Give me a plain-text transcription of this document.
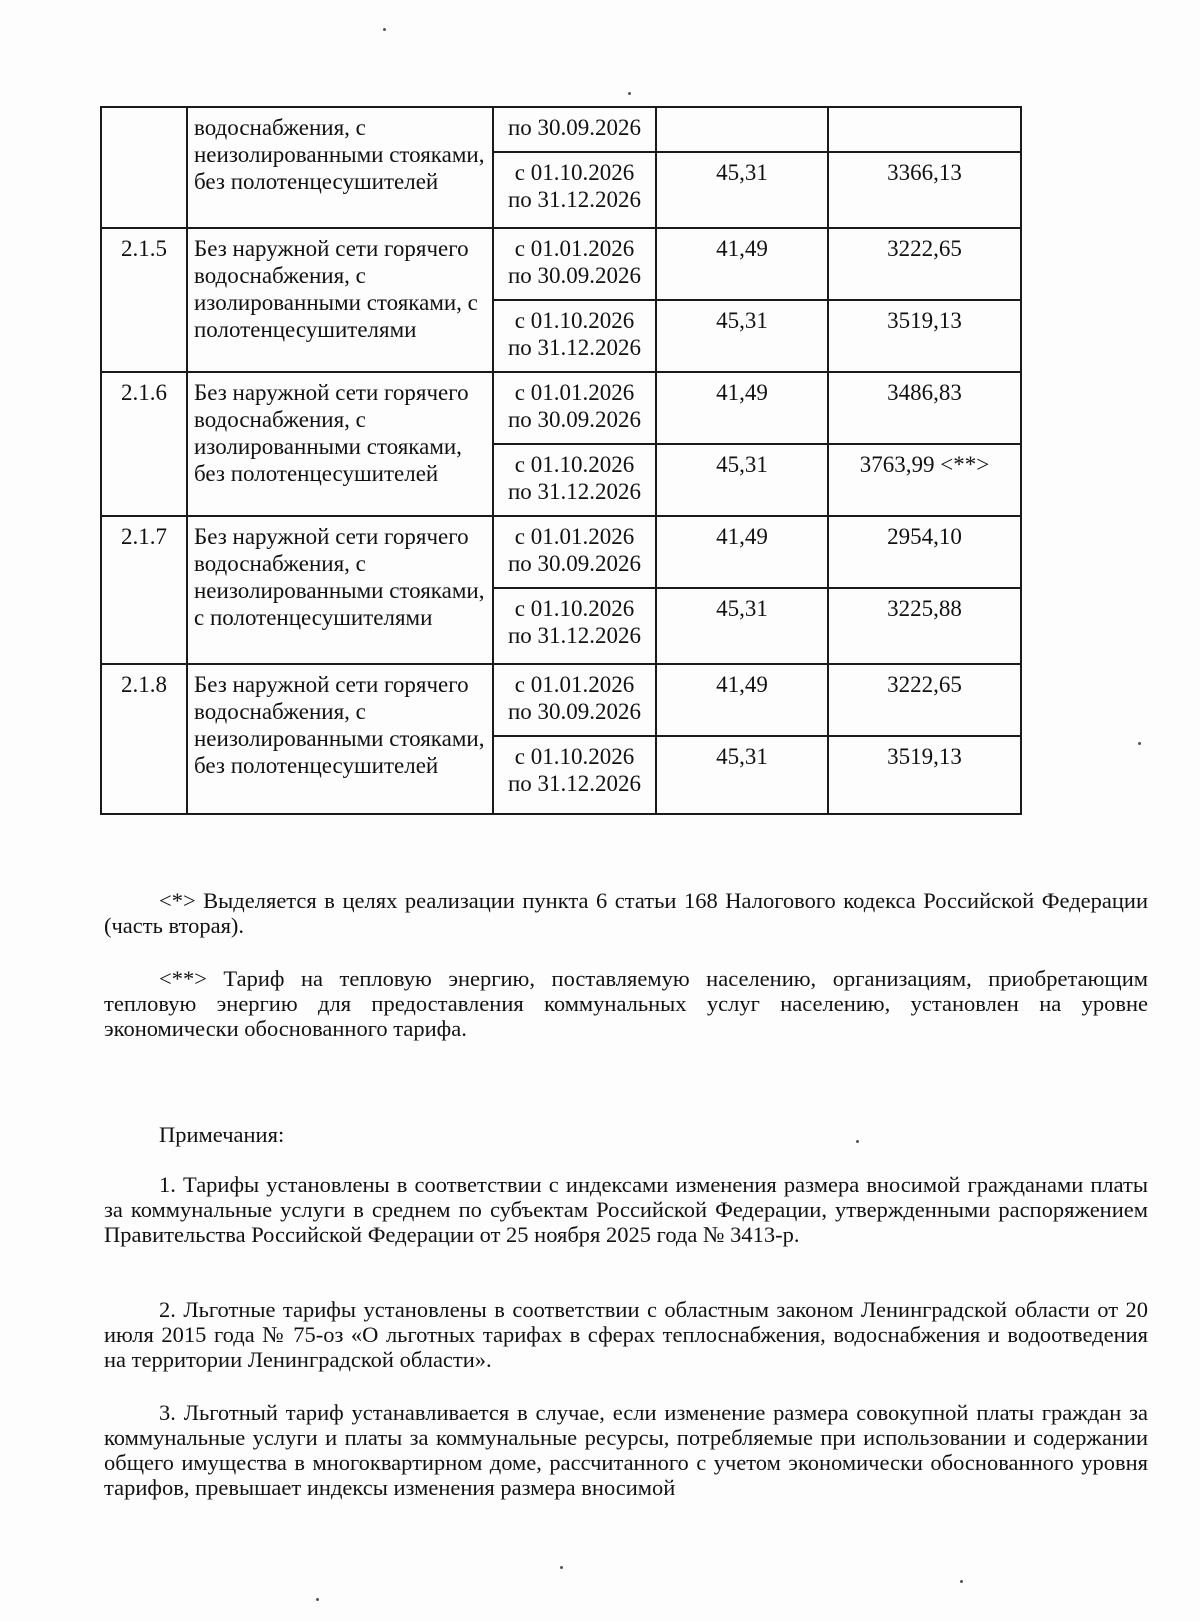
	водоснабжения, с неизолированными стояками, без полотенцесушителей	по 30.09.2026		
		с 01.10.2026 по 31.12.2026	45,31	3366,13
2.1.5	Без наружной сети горячего водоснабжения, с изолированными стояками, с полотенцесушителями	с 01.01.2026 по 30.09.2026	41,49	3222,65
		с 01.10.2026 по 31.12.2026	45,31	3519,13
2.1.6	Без наружной сети горячего водоснабжения, с изолированными стояками, без полотенцесушителей	с 01.01.2026 по 30.09.2026	41,49	3486,83
		с 01.10.2026 по 31.12.2026	45,31	3763,99 <**>
2.1.7	Без наружной сети горячего водоснабжения, с неизолированными стояками, с полотенцесушителями	с 01.01.2026 по 30.09.2026	41,49	2954,10
		с 01.10.2026 по 31.12.2026	45,31	3225,88
2.1.8	Без наружной сети горячего водоснабжения, с неизолированными стояками, без полотенцесушителей	с 01.01.2026 по 30.09.2026	41,49	3222,65
		с 01.10.2026 по 31.12.2026	45,31	3519,13

<*> Выделяется в целях реализации пункта 6 статьи 168 Налогового кодекса Российской Федерации (часть вторая).

<**> Тариф на тепловую энергию, поставляемую населению, организациям, приобретающим тепловую энергию для предоставления коммунальных услуг населению, установлен на уровне экономически обоснованного тарифа.

Примечания:

1. Тарифы установлены в соответствии с индексами изменения размера вносимой гражданами платы за коммунальные услуги в среднем по субъектам Российской Федерации, утвержденными распоряжением Правительства Российской Федерации от 25 ноября 2025 года № 3413-р.

2. Льготные тарифы установлены в соответствии с областным законом Ленинградской области от 20 июля 2015 года № 75-оз «О льготных тарифах в сферах теплоснабжения, водоснабжения и водоотведения на территории Ленинградской области».

3. Льготный тариф устанавливается в случае, если изменение размера совокупной платы граждан за коммунальные услуги и платы за коммунальные ресурсы, потребляемые при использовании и содержании общего имущества в многоквартирном доме, рассчитанного с учетом экономически обоснованного уровня тарифов, превышает индексы изменения размера вносимой
